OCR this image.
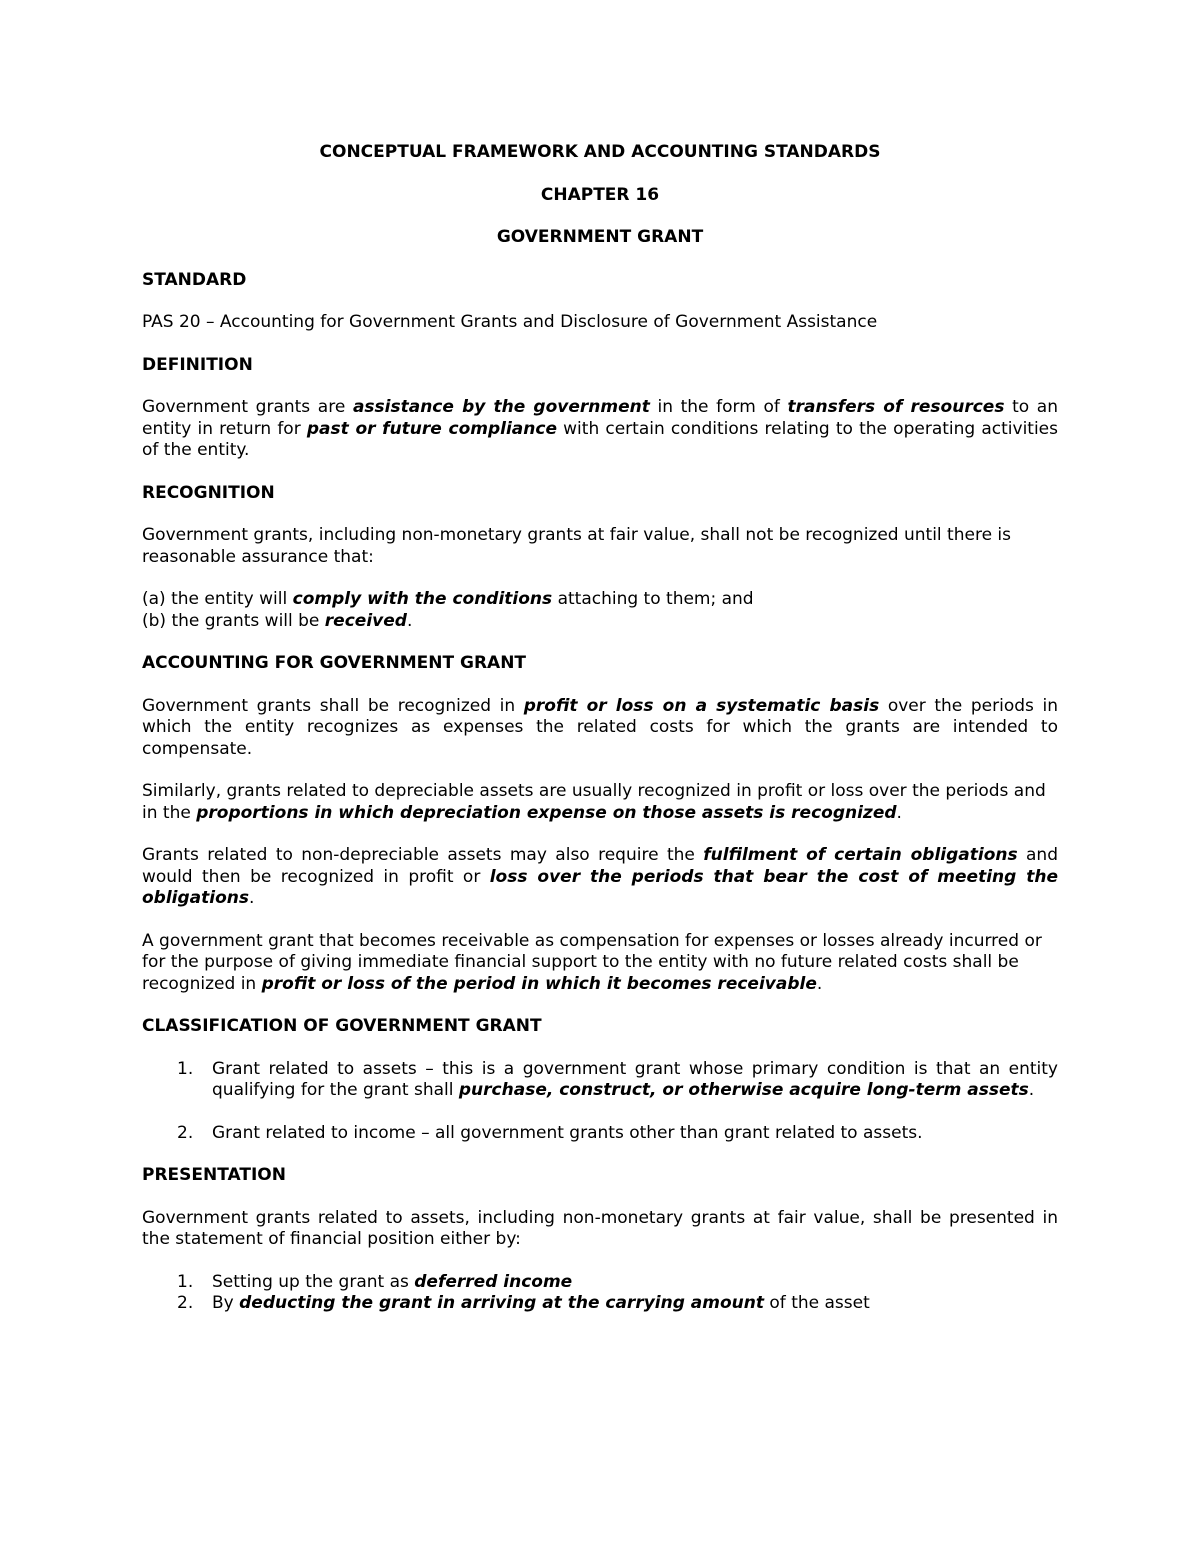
CONCEPTUAL FRAMEWORK AND ACCOUNTING STANDARDS
CHAPTER 16
GOVERNMENT GRANT
STANDARD

PAS 20 – Accounting for Government Grants and Disclosure of Government Assistance

DEFINITION

Government grants are assistance by the government in the form of transfers of resources to an entity in return for past or future compliance with certain conditions relating to the operating activities of the entity.

RECOGNITION

Government grants, including non-monetary grants at fair value, shall not be recognized until there is reasonable assurance that:

(a) the entity will comply with the conditions attaching to them; and
(b) the grants will be received.
ACCOUNTING FOR GOVERNMENT GRANT

Government grants shall be recognized in profit or loss on a systematic basis over the periods in which the entity recognizes as expenses the related costs for which the grants are intended to compensate.

Similarly, grants related to depreciable assets are usually recognized in profit or loss over the periods and in the proportions in which depreciation expense on those assets is recognized.

Grants related to non-depreciable assets may also require the fulfilment of certain obligations and would then be recognized in profit or loss over the periods that bear the cost of meeting the obligations.

A government grant that becomes receivable as compensation for expenses or losses already incurred or for the purpose of giving immediate financial support to the entity with no future related costs shall be recognized in profit or loss of the period in which it becomes receivable.

CLASSIFICATION OF GOVERNMENT GRANT
1. Grant related to assets – this is a government grant whose primary condition is that an entity qualifying for the grant shall purchase, construct, or otherwise acquire long-term assets.
2. Grant related to income – all government grants other than grant related to assets.
PRESENTATION

Government grants related to assets, including non-monetary grants at fair value, shall be presented in the statement of financial position either by:

1. Setting up the grant as deferred income
2. By deducting the grant in arriving at the carrying amount of the asset
